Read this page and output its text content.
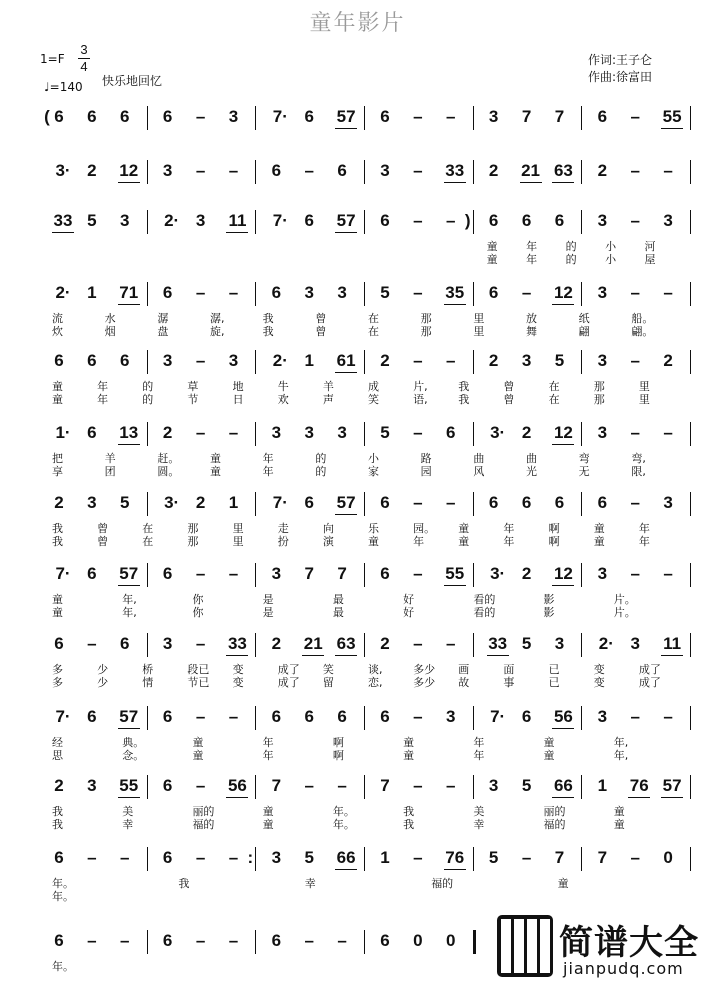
童年影片
1=F
3
4
♩=140 快乐地回忆
作词:王子仑
作曲:徐富田
( 6 6 6 6 – 3 7· 6 57 6 – – 3 7 7 6 – 55
3· 2 12 3 – – 6 – 6 3 – 33 2 21 63 2 – –
33 5 3 2· 3 11 7· 6 57 6 – – ) 6 6 6 3 – 3
童	年	的	小	河
童	年	的	小	屋
2· 1 71 6 – – 6 3 3 5 – 35 6 – 12 3 – –
流	水	潺	潺,	我	曾	在	那	里	放	纸	船。
炊	烟	盘	旋,	我	曾	在	那	里	舞	翩	翩。
6 6 6 3 – 3 2· 1 61 2 – – 2 3 5 3 – 2
童	年	的	草	地	牛	羊	成	片,	我	曾	在	那	里
童	年	的	节	日	欢	声	笑	语,	我	曾	在	那	里
1· 6 13 2 – – 3 3 3 5 – 6 3· 2 12 3 – –
把	羊	赶。	童	年	的	小	路	曲	曲	弯	弯,
享	团	圆。	童	年	的	家	园	风	光	无	限,
2 3 5 3· 2 1 7· 6 57 6 – – 6 6 6 6 – 3
我	曾	在	那	里	走	向	乐	园。 童	年	啊	童	年
我	曾	在	那	里	扮	演	童	年	童	年	啊	童	年
7· 6 57 6 – – 3 7 7 6 – 55 3· 2 12 3 – –
童	年,	你	是	最	好	看的	影	片。
童	年,	你	是	最	好	看的	影	片。
6 – 6 3 – 33 2 21 63 2 – – 33 5 3 2· 3 11
多	少	桥	段已 变	成了 笑	谈,	多少 画	面	已	变	成了
多	少	情	节已 变	成了 留	恋,	多少 故	事	已	变	成了
7· 6 57 6 – – 6 6 6 6 – 3 7· 6 56 3 – –
经	典。	童	年	啊	童	年	童	年,
思	念。	童	年	啊	童	年	童	年,
2 3 55 6 – 56 7 – – 7 – – 3 5 66 1 76 57
我	美	丽的	童	年。	我	美	丽的	童
我	幸	福的	童	年。	我	幸	福的	童
6 – – 6 – – : 3 5 66 1 – 76 5 – 7 7 – 0
年。	我	幸	福的	童
年。
6 – – 6 – – 6 – – 6 0 0
年。
简谱大全
jianpudq.com
